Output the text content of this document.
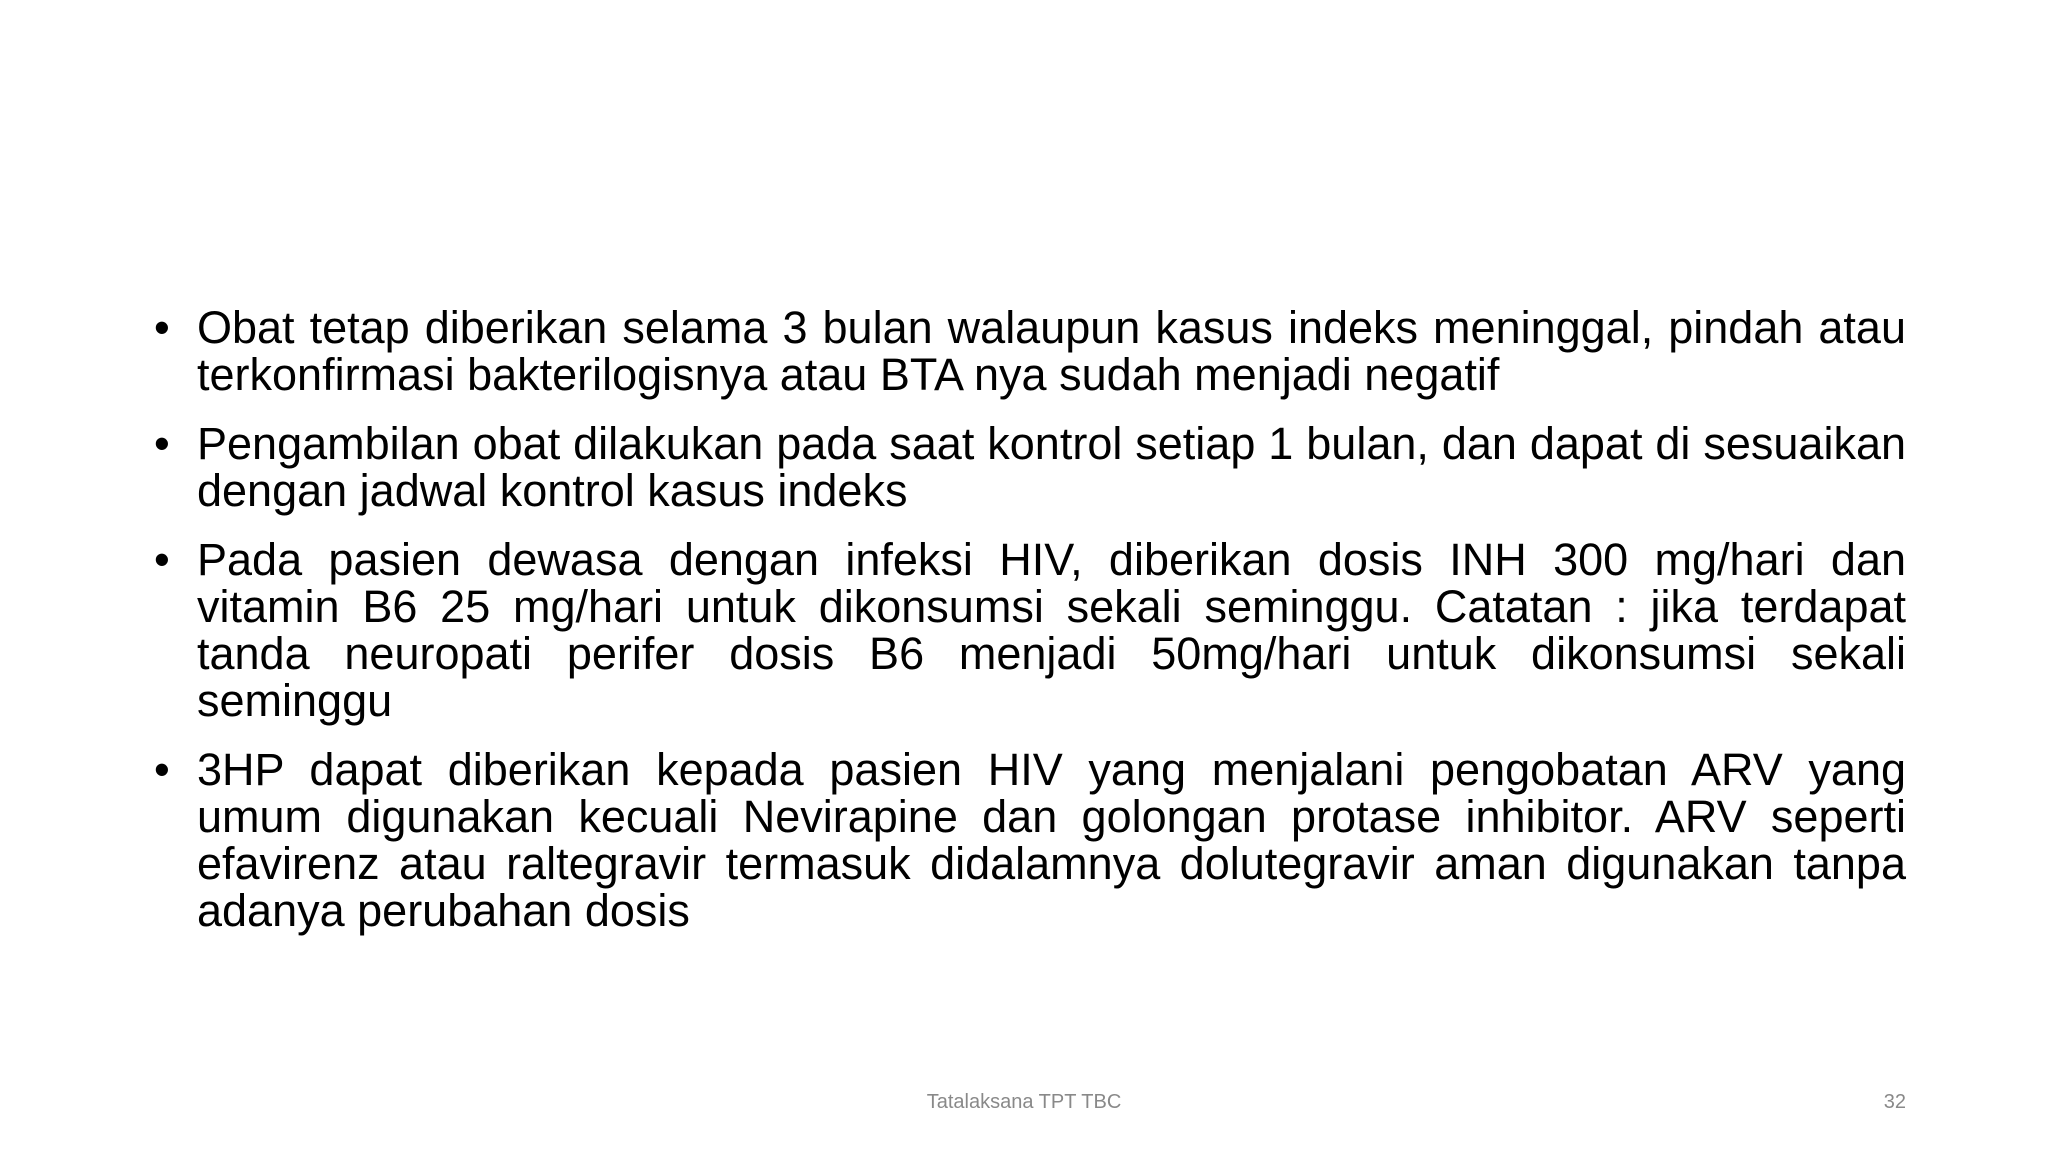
• Obat tetap diberikan selama 3 bulan walaupun kasus indeks meninggal, pindah atau terkonfirmasi bakterilogisnya atau BTA nya sudah menjadi negatif
• Pengambilan obat dilakukan pada saat kontrol setiap 1 bulan, dan dapat di sesuaikan dengan jadwal kontrol kasus indeks
• Pada pasien dewasa dengan infeksi HIV, diberikan dosis INH 300 mg/hari dan vitamin B6 25 mg/hari untuk dikonsumsi sekali seminggu. Catatan : jika terdapat tanda neuropati perifer dosis B6 menjadi 50mg/hari untuk dikonsumsi sekali seminggu
• 3HP dapat diberikan kepada pasien HIV yang menjalani pengobatan ARV yang umum digunakan kecuali Nevirapine dan golongan protase inhibitor. ARV seperti efavirenz atau raltegravir termasuk didalamnya dolutegravir aman digunakan tanpa adanya perubahan dosis
Tatalaksana TPT TBC	32
